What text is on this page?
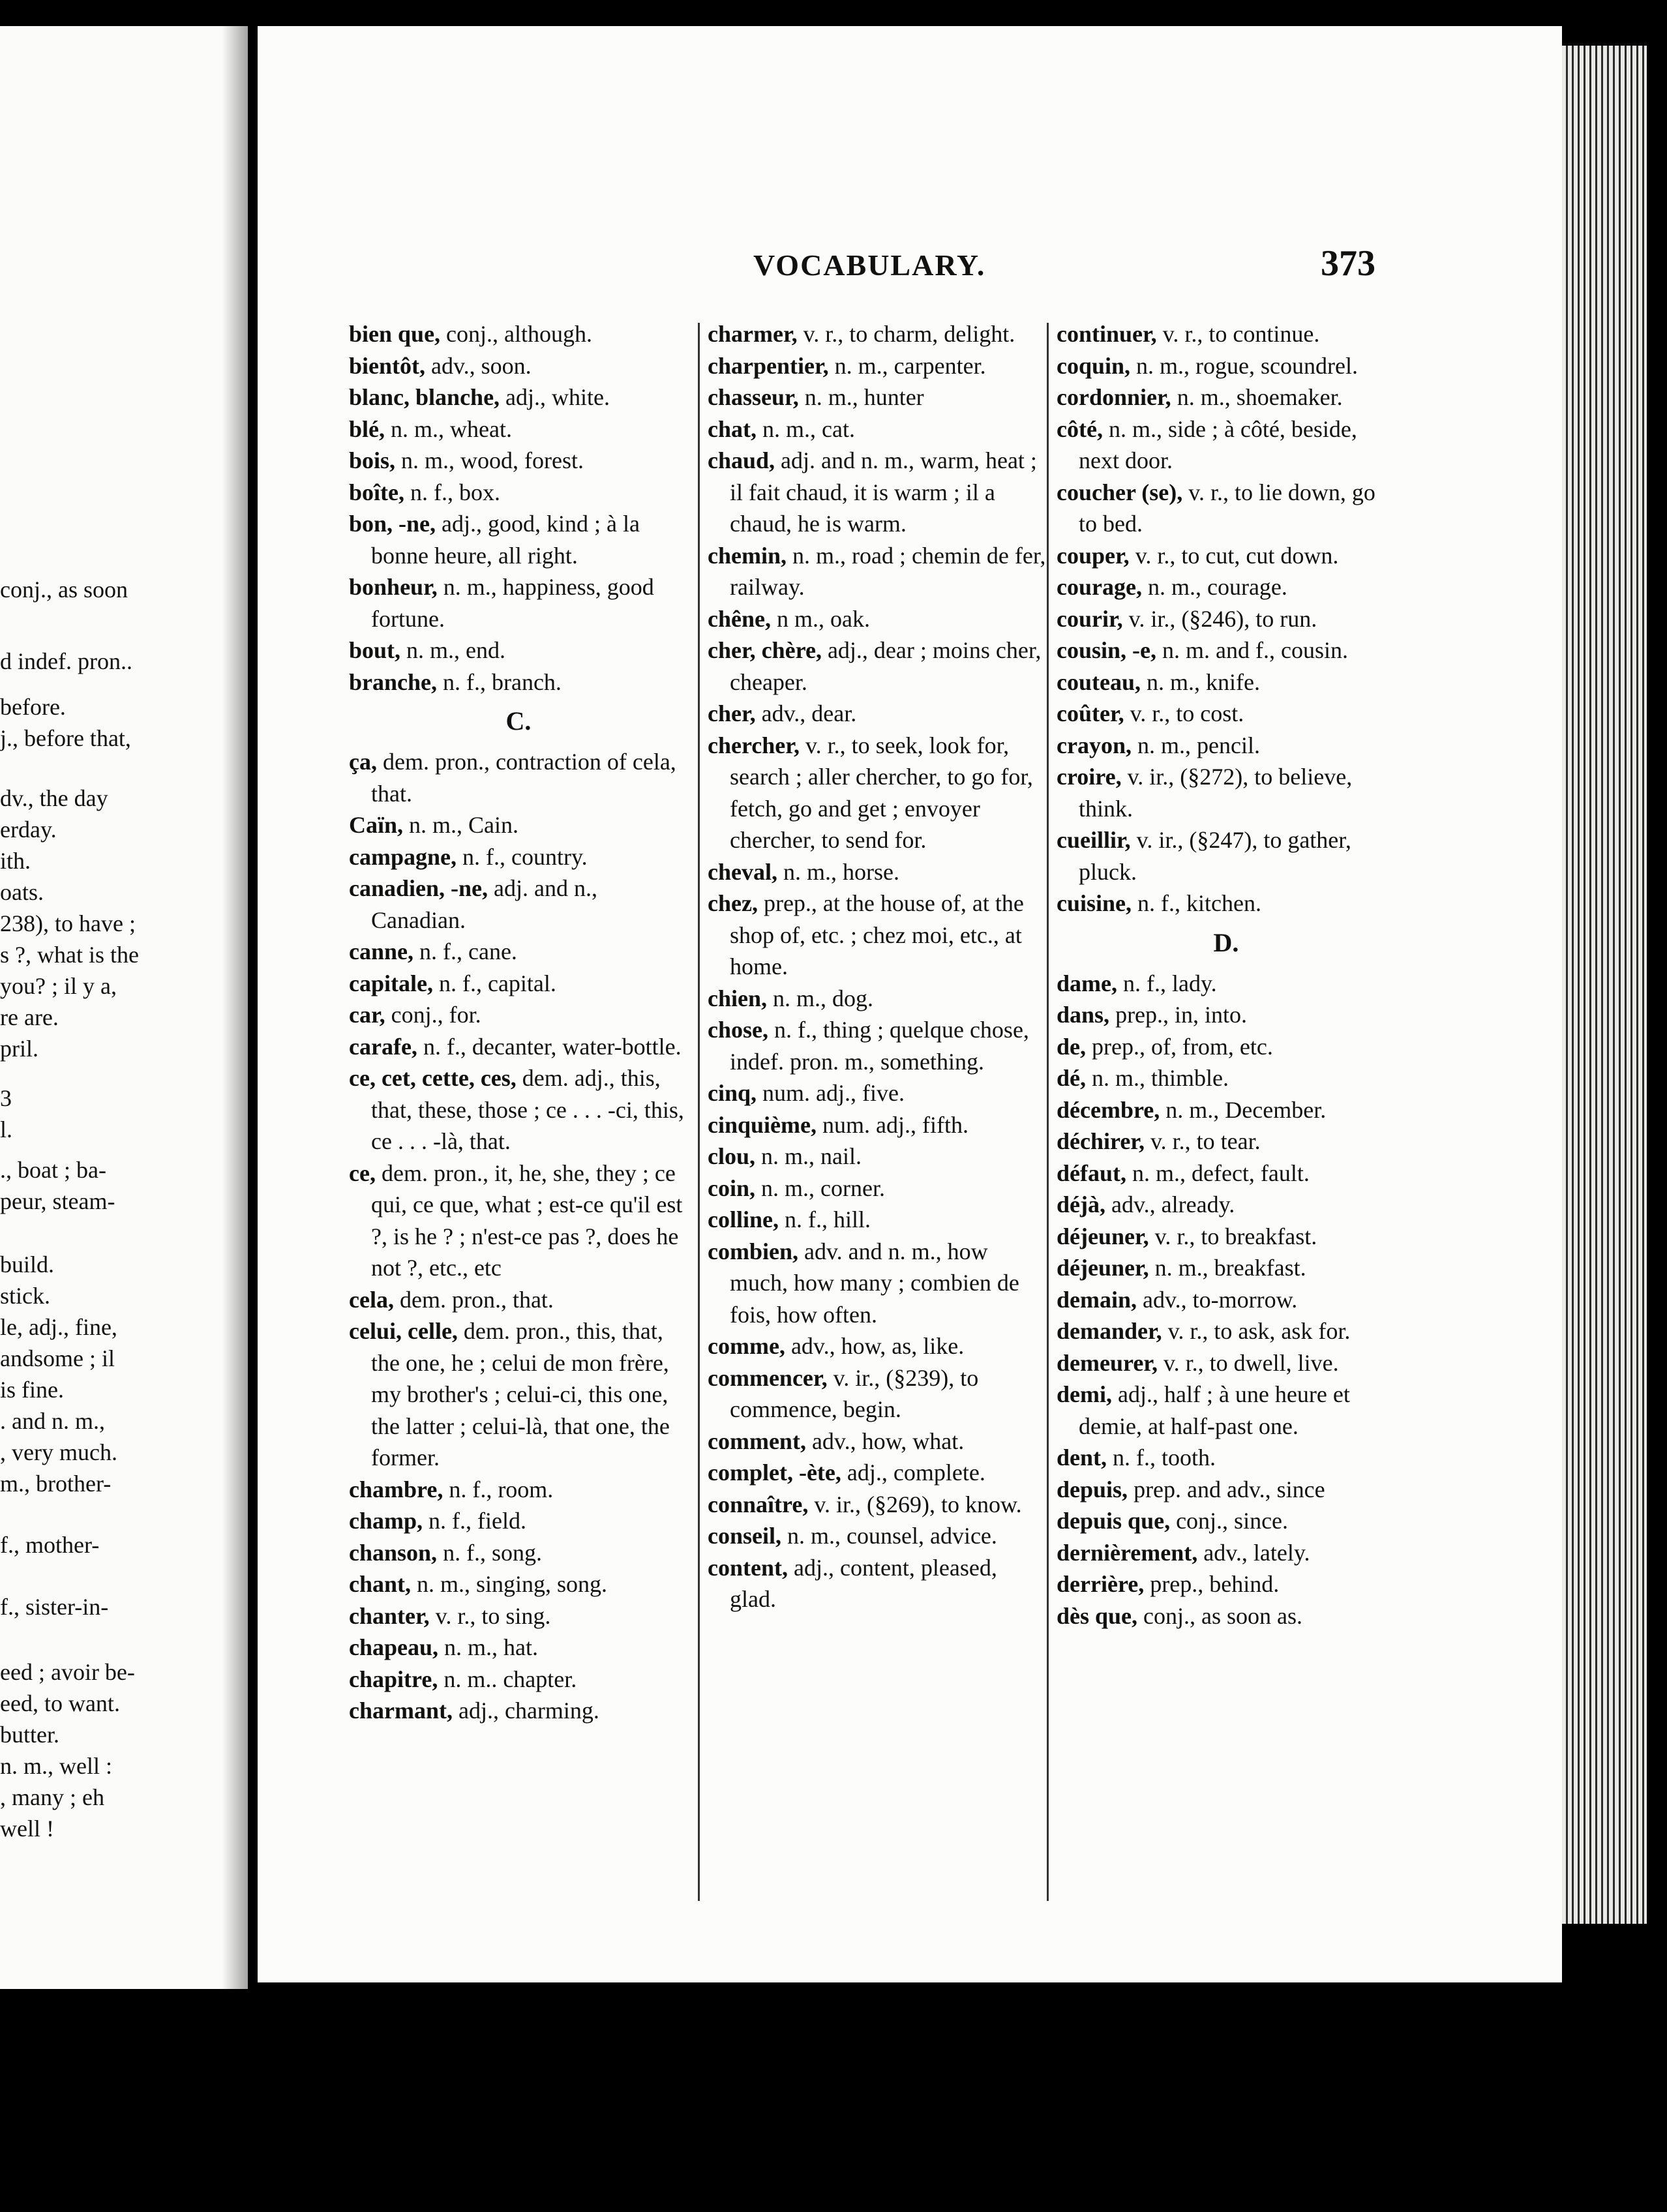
conj., as soon
d indef. pron..
before.
j., before that,
dv., the day
erday.
ith.
oats.
238), to have ;
s ?, what is the
you? ; il y a,
re are.
pril.
3
l.
., boat ; ba-
peur, steam-
build.
stick.
le, adj., fine,
andsome ; il
is fine.
. and n. m.,
, very much.
m., brother-
f., mother-
f., sister-in-
eed ; avoir be-
eed, to want.
butter.
n. m., well :
, many ; eh
well !
VOCABULARY.	373

bien que, conj., although.

bientôt, adv., soon.

blanc, blanche, adj., white.

blé, n. m., wheat.

bois, n. m., wood, forest.

boîte, n. f., box.

bon, -ne, adj., good, kind ; à la bonne heure, all right.

bonheur, n. m., happiness, good fortune.

bout, n. m., end.

branche, n. f., branch.

C.

ça, dem. pron., contraction of cela, that.

Caïn, n. m., Cain.

campagne, n. f., country.

canadien, -ne, adj. and n., Canadian.

canne, n. f., cane.

capitale, n. f., capital.

car, conj., for.

carafe, n. f., decanter, water-bottle.

ce, cet, cette, ces, dem. adj., this, that, these, those ; ce . . . -ci, this, ce . . . -là, that.

ce, dem. pron., it, he, she, they ; ce qui, ce que, what ; est-ce qu'il est ?, is he ? ; n'est-ce pas ?, does he not ?, etc., etc

cela, dem. pron., that.

celui, celle, dem. pron., this, that, the one, he ; celui de mon frère, my brother's ; celui-ci, this one, the latter ; celui-là, that one, the former.

chambre, n. f., room.

champ, n. f., field.

chanson, n. f., song.

chant, n. m., singing, song.

chanter, v. r., to sing.

chapeau, n. m., hat.

chapitre, n. m.. chapter.

charmant, adj., charming.

charmer, v. r., to charm, delight.

charpentier, n. m., carpenter.

chasseur, n. m., hunter

chat, n. m., cat.

chaud, adj. and n. m., warm, heat ; il fait chaud, it is warm ; il a chaud, he is warm.

chemin, n. m., road ; chemin de fer, railway.

chêne, n m., oak.

cher, chère, adj., dear ; moins cher, cheaper.

cher, adv., dear.

chercher, v. r., to seek, look for, search ; aller chercher, to go for, fetch, go and get ; envoyer chercher, to send for.

cheval, n. m., horse.

chez, prep., at the house of, at the shop of, etc. ; chez moi, etc., at home.

chien, n. m., dog.

chose, n. f., thing ; quelque chose, indef. pron. m., something.

cinq, num. adj., five.

cinquième, num. adj., fifth.

clou, n. m., nail.

coin, n. m., corner.

colline, n. f., hill.

combien, adv. and n. m., how much, how many ; combien de fois, how often.

comme, adv., how, as, like.

commencer, v. ir., (§239), to commence, begin.

comment, adv., how, what.

complet, -ète, adj., complete.

connaître, v. ir., (§269), to know.

conseil, n. m., counsel, advice.

content, adj., content, pleased, glad.

continuer, v. r., to continue.

coquin, n. m., rogue, scoundrel.

cordonnier, n. m., shoemaker.

côté, n. m., side ; à côté, beside, next door.

coucher (se), v. r., to lie down, go to bed.

couper, v. r., to cut, cut down.

courage, n. m., courage.

courir, v. ir., (§246), to run.

cousin, -e, n. m. and f., cousin.

couteau, n. m., knife.

coûter, v. r., to cost.

crayon, n. m., pencil.

croire, v. ir., (§272), to believe, think.

cueillir, v. ir., (§247), to gather, pluck.

cuisine, n. f., kitchen.

D.

dame, n. f., lady.

dans, prep., in, into.

de, prep., of, from, etc.

dé, n. m., thimble.

décembre, n. m., December.

déchirer, v. r., to tear.

défaut, n. m., defect, fault.

déjà, adv., already.

déjeuner, v. r., to breakfast.

déjeuner, n. m., breakfast.

demain, adv., to-morrow.

demander, v. r., to ask, ask for.

demeurer, v. r., to dwell, live.

demi, adj., half ; à une heure et demie, at half-past one.

dent, n. f., tooth.

depuis, prep. and adv., since

depuis que, conj., since.

dernièrement, adv., lately.

derrière, prep., behind.

dès que, conj., as soon as.
